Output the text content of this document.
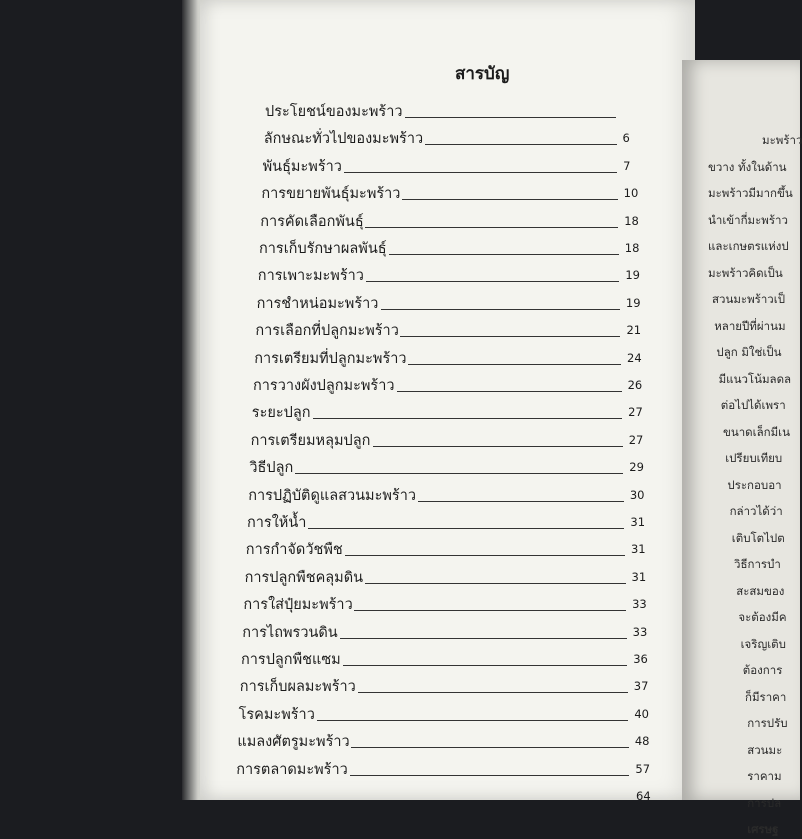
มะพร้าว
ขวาง ทั้งในด้าน
มะพร้าวมีมากขึ้น
นำเข้ากี่มะพร้าว
และเกษตรแห่งป
มะพร้าวคิดเป็น
สวนมะพร้าวเป็
หลายปีที่ผ่านม
ปลูก มิใช่เป็น
มีแนวโน้มลดล
ต่อไปได้เพรา
ขนาดเล็กมีเน
เปรียบเทียบ
ประกอบอา
กล่าวได้ว่า
เติบโตไปต
วิธีการบำ
สะสมของ
จะต้องมีค
เจริญเติบ
ต้องการ
ก็มีราคา
การปรับ
สวนมะ
ราคาม
การปล
เศรษฐ
สารบัญ
ประโยชน์ของมะพร้าว
ลักษณะทั่วไปของมะพร้าว	6
พันธุ์มะพร้าว	7
การขยายพันธุ์มะพร้าว	10
การคัดเลือกพันธุ์	18
การเก็บรักษาผลพันธุ์	18
การเพาะมะพร้าว	19
การชำหน่อมะพร้าว	19
การเลือกที่ปลูกมะพร้าว	21
การเตรียมที่ปลูกมะพร้าว	24
การวางผังปลูกมะพร้าว	26
ระยะปลูก	27
การเตรียมหลุมปลูก	27
วิธีปลูก	29
การปฏิบัติดูแลสวนมะพร้าว	30
การให้น้ำ	31
การกำจัดวัชพืช	31
การปลูกพืชคลุมดิน	31
การใส่ปุ๋ยมะพร้าว	33
การไถพรวนดิน	33
การปลูกพืชแซม	36
การเก็บผลมะพร้าว	37
โรคมะพร้าว	40
แมลงศัตรูมะพร้าว	48
การตลาดมะพร้าว	57
64
